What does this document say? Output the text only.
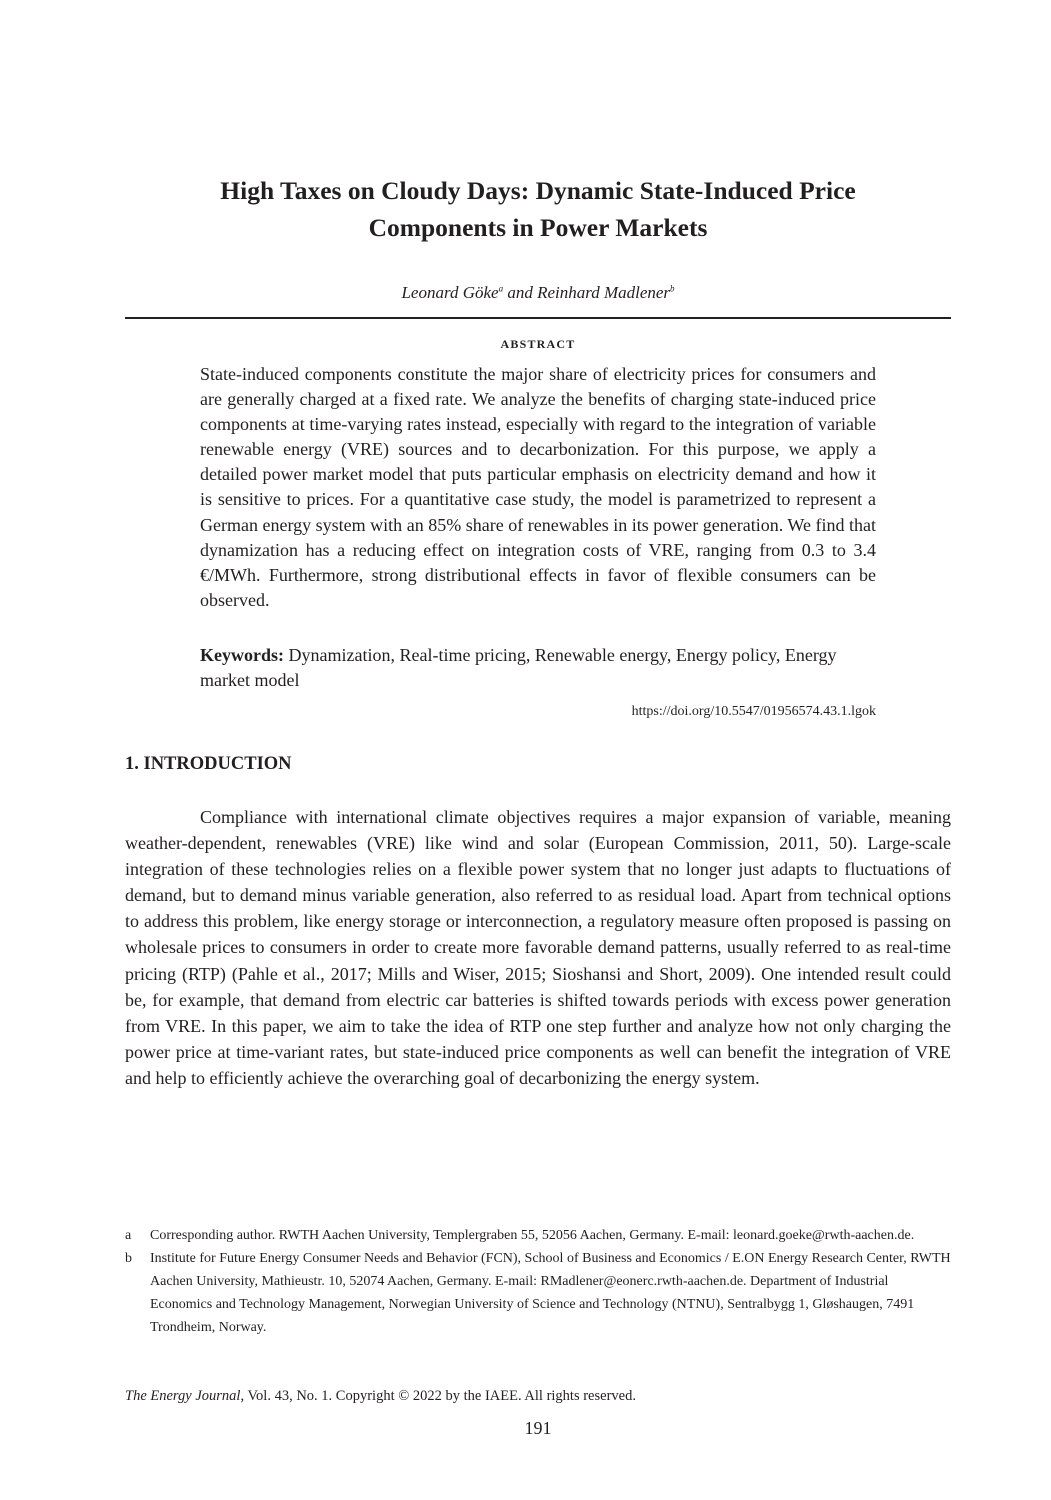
High Taxes on Cloudy Days: Dynamic State-Induced Price
Components in Power Markets
Leonard Göke$^a$ and Reinhard Madlener$^b$
ABSTRACT

State-induced components constitute the major share of electricity prices for consumers and are generally charged at a fixed rate. We analyze the benefits of charging state-induced price components at time-varying rates instead, especially with regard to the integration of variable renewable energy (VRE) sources and to decarbonization. For this purpose, we apply a detailed power market model that puts particular emphasis on electricity demand and how it is sensitive to prices. For a quantitative case study, the model is parametrized to represent a German energy system with an 85% share of renewables in its power generation. We find that dynamization has a reducing effect on integration costs of VRE, ranging from 0.3 to 3.4 €/MWh. Furthermore, strong distributional effects in favor of flexible consumers can be observed.

Keywords: Dynamization, Real-time pricing, Renewable energy, Energy policy, Energy market model

https://doi.org/10.5547/01956574.43.1.lgok
1. INTRODUCTION

Compliance with international climate objectives requires a major expansion of variable, meaning weather-dependent, renewables (VRE) like wind and solar (European Commission, 2011, 50). Large-scale integration of these technologies relies on a flexible power system that no longer just adapts to fluctuations of demand, but to demand minus variable generation, also referred to as residual load. Apart from technical options to address this problem, like energy storage or interconnection, a regulatory measure often proposed is passing on wholesale prices to consumers in order to create more favorable demand patterns, usually referred to as real-time pricing (RTP) (Pahle et al., 2017; Mills and Wiser, 2015; Sioshansi and Short, 2009). One intended result could be, for example, that demand from electric car batteries is shifted towards periods with excess power generation from VRE. In this paper, we aim to take the idea of RTP one step further and analyze how not only charging the power price at time-variant rates, but state-induced price components as well can benefit the integration of VRE and help to efficiently achieve the overarching goal of decarbonizing the energy system.

a	Corresponding author. RWTH Aachen University, Templergraben 55, 52056 Aachen, Germany. E-mail: leonard.goeke@rwth-aachen.de.
b	Institute for Future Energy Consumer Needs and Behavior (FCN), School of Business and Economics / E.ON Energy Research Center, RWTH Aachen University, Mathieustr. 10, 52074 Aachen, Germany. E-mail: RMadlener@eonerc.rwth-aachen.de. Department of Industrial Economics and Technology Management, Norwegian University of Science and Technology (NTNU), Sentralbygg 1, Gløshaugen, 7491 Trondheim, Norway.
The Energy Journal, Vol. 43, No. 1. Copyright © 2022 by the IAEE. All rights reserved.
191
